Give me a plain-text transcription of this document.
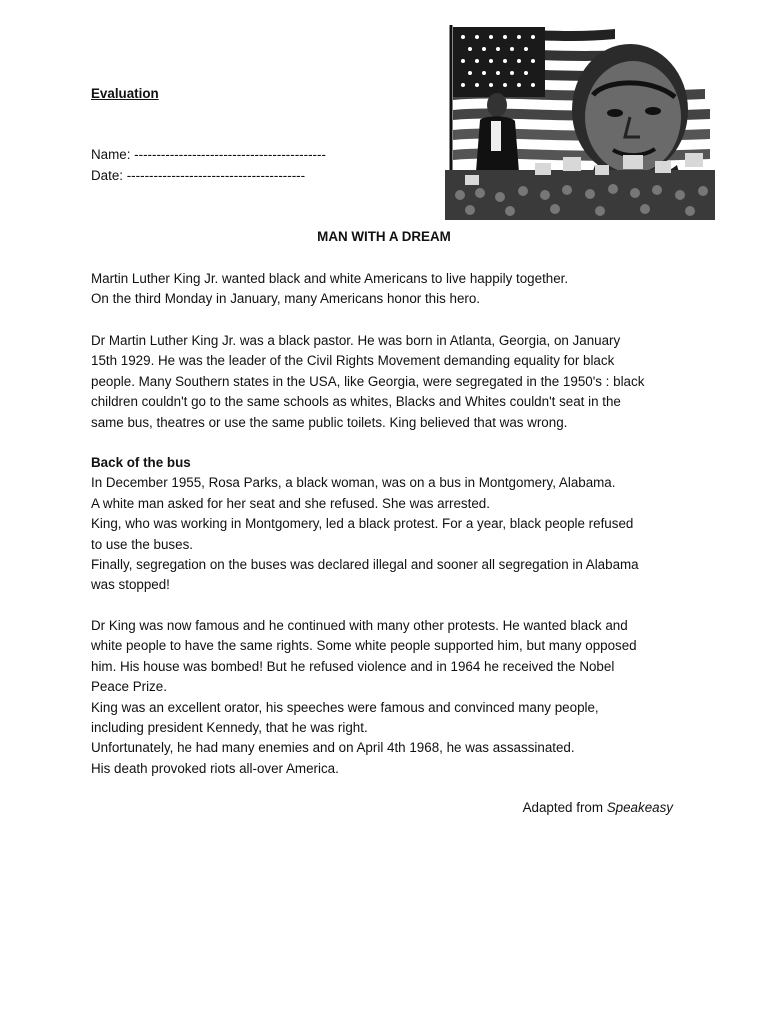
Evaluation
Name: -------------------------------------------
Date: ----------------------------------------
MAN WITH A DREAM

Martin Luther King Jr. wanted black and white Americans to live happily together.

On the third Monday in January, many Americans honor this hero.

Dr Martin Luther King Jr. was a black pastor. He was born in Atlanta, Georgia, on January

15th 1929. He was the leader of the Civil Rights Movement demanding equality for black

people. Many Southern states in the USA, like Georgia, were segregated in the 1950's : black

children couldn't go to the same schools as whites, Blacks and Whites couldn't seat in the

same bus, theatres or use the same public toilets. King believed that was wrong.

Back of the bus

In December 1955, Rosa Parks, a black woman, was on a bus in Montgomery, Alabama.

A white man asked for her seat and she refused. She was arrested.

King, who was working in Montgomery, led a black protest. For a year, black people refused

to use the buses.

Finally, segregation on the buses was declared illegal and sooner all segregation in Alabama

was stopped!

Dr King was now famous and he continued with many other protests. He wanted black and

white people to have the same rights. Some white people supported him, but many opposed

him. His house was bombed! But he refused violence and in 1964 he received the Nobel

Peace Prize.

King was an excellent orator, his speeches were famous and convinced many people,

including president Kennedy, that he was right.

Unfortunately, he had many enemies and on April 4th 1968, he was assassinated.

His death provoked riots all-over America.

Adapted from Speakeasy
